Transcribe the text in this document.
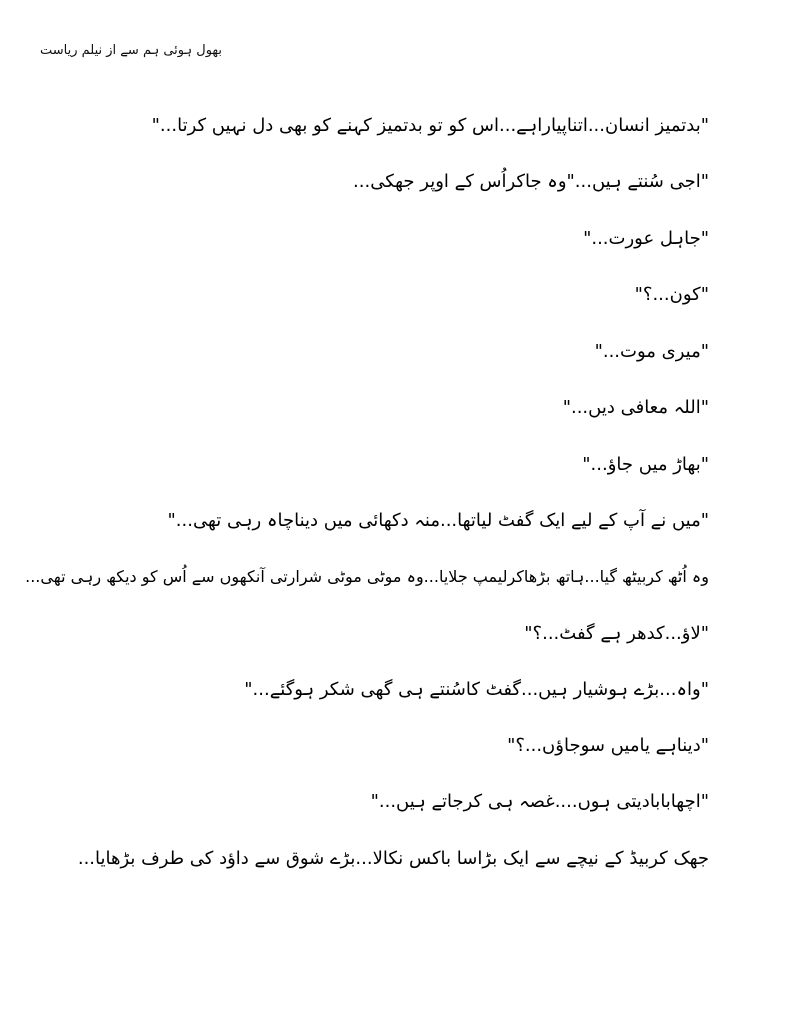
بھول ہوئی ہم سے از نیلم ریاست
"بدتمیز انسان...اتناپیاراہے...اس کو تو بدتمیز کہنے کو بھی دل نہیں کرتا..."
"اجی سُنتے ہیں..."وہ جاکراُس کے اوپر جھکی...
"جاہل عورت..."
"کون...؟"
"میری موت..."
"اللہ معافی دیں..."
"بھاڑ میں جاؤ..."
"میں نے آپ کے لیے ایک گفٹ لیاتھا...منہ دکھائی میں دیناچاہ رہی تھی..."
وہ اُٹھ کربیٹھ گیا...ہاتھ بڑھاکرلیمپ جلایا...وہ موٹی موٹی شرارتی آنکھوں سے اُس کو دیکھ رہی تھی...
"لاؤ...کدھر ہے گفٹ...؟"
"واہ...بڑے ہوشیار ہیں...گفٹ کاسُنتے ہی گھی شکر ہوگئے..."
"دیناہے یامیں سوجاؤں...؟"
"اچھابابادیتی ہوں....غصہ ہی کرجاتے ہیں..."
جھک کربیڈ کے نیچے سے ایک بڑاسا باکس نکالا...بڑے شوق سے داؤد کی طرف بڑھایا...
